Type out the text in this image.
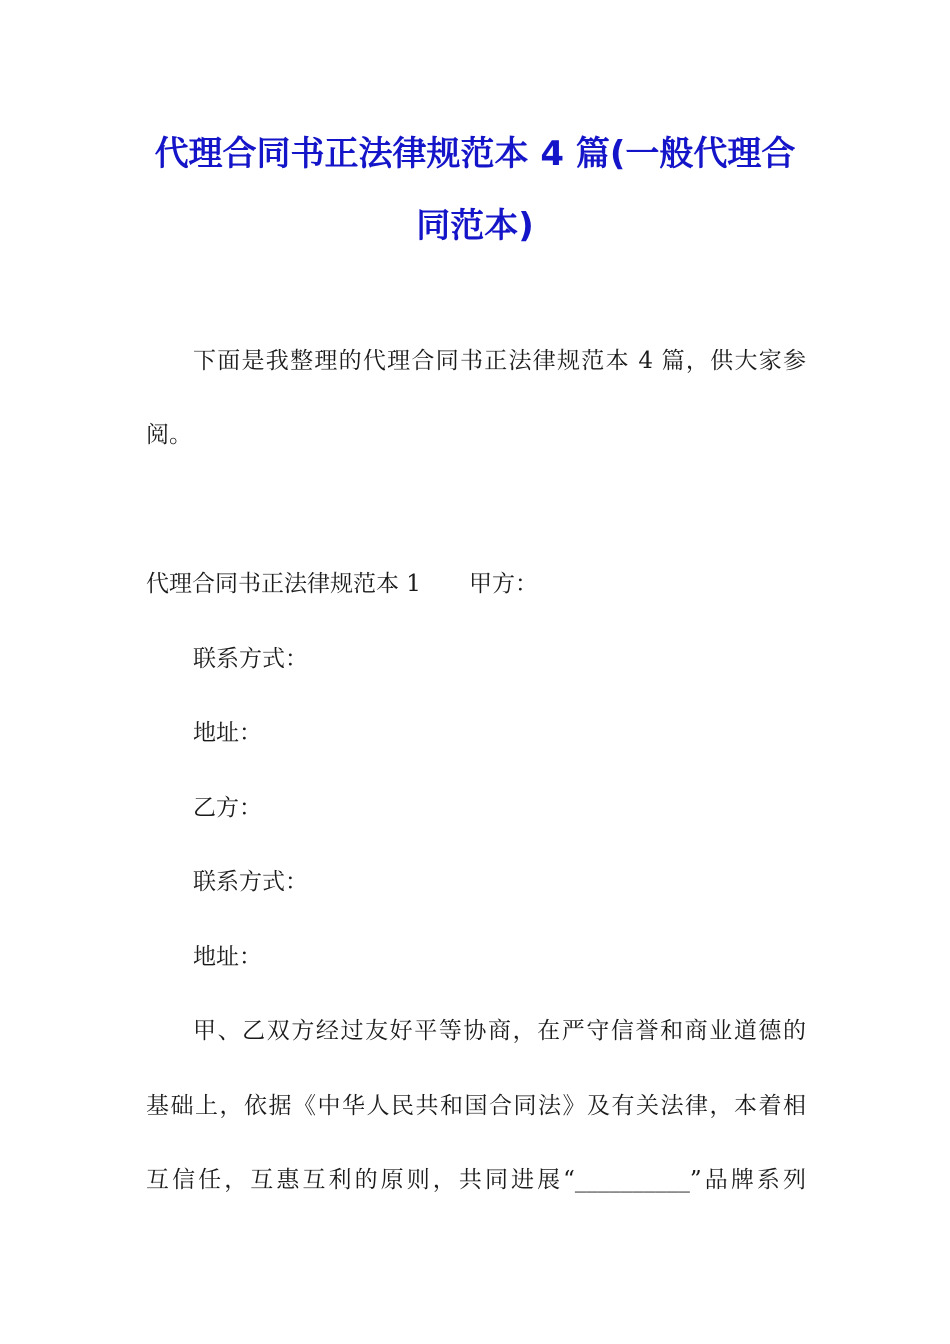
代理合同书正法律规范本 4 篇(一般代理合
同范本)
下面是我整理的代理合同书正法律规范本 4 篇，供大家参
阅。
代理合同书正法律规范本 1 甲方：
联系方式：
地址：
乙方：
联系方式：
地址：
甲、乙双方经过友好平等协商，在严守信誉和商业道德的
基础上，依据《中华人民共和国合同法》及有关法律，本着相
互信任，互惠互利的原则，共同进展“__________”品牌系列
